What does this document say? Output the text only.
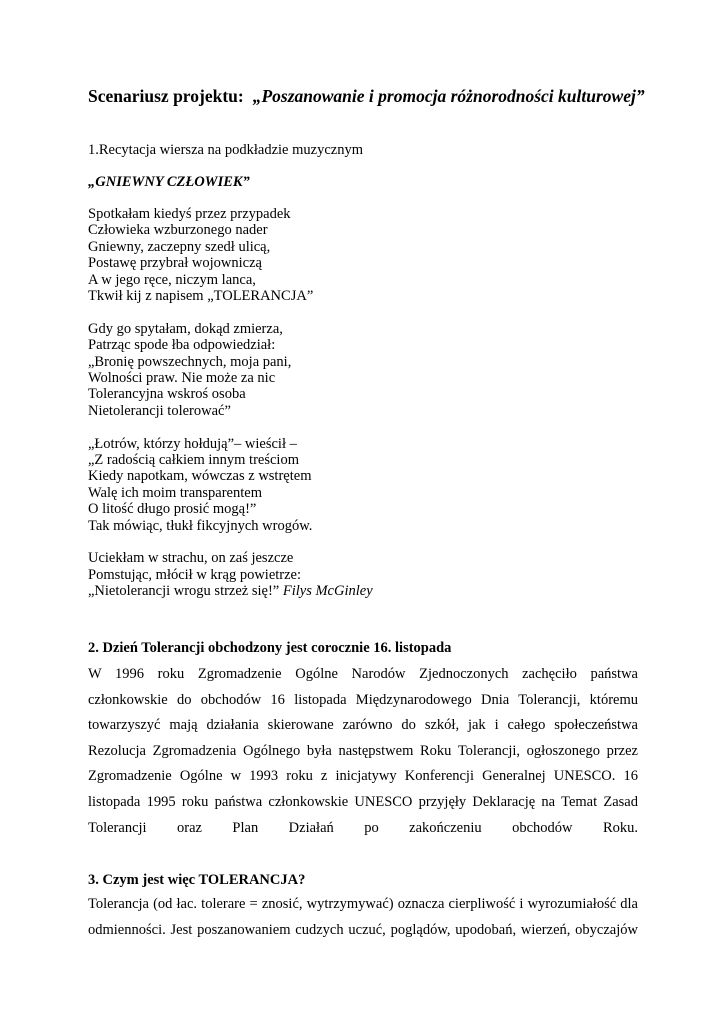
Scenariusz projektu: „Poszanowanie i promocja różnorodności kulturowej”
1.Recytacja wiersza na podkładzie muzycznym
„GNIEWNY CZŁOWIEK”
Spotkałam kiedyś przez przypadek
Człowieka wzburzonego nader
Gniewny, zaczepny szedł ulicą,
Postawę przybrał wojowniczą
A w jego ręce, niczym lanca,
Tkwił kij z napisem „TOLERANCJA”
Gdy go spytałam, dokąd zmierza,
Patrząc spode łba odpowiedział:
„Bronię powszechnych, moja pani,
Wolności praw. Nie może za nic
Tolerancyjna wskroś osoba
Nietolerancji tolerować”
„Łotrów, którzy hołdują”– wieścił –
„Z radością całkiem innym treściom
Kiedy napotkam, wówczas z wstrętem
Walę ich moim transparentem
O litość długo prosić mogą!”
Tak mówiąc, tłukł fikcyjnych wrogów.
Uciekłam w strachu, on zaś jeszcze
Pomstując, młócił w krąg powietrze:
„Nietolerancji wrogu strzeż się!” Filys McGinley
2. Dzień Tolerancji obchodzony jest corocznie 16. listopada
W 1996 roku Zgromadzenie Ogólne Narodów Zjednoczonych zachęciło państwa
członkowskie do obchodów 16 listopada Międzynarodowego Dnia Tolerancji, któremu
towarzyszyć mają działania skierowane zarówno do szkół, jak i całego społeczeństwa
Rezolucja Zgromadzenia Ogólnego była następstwem Roku Tolerancji, ogłoszonego przez
Zgromadzenie Ogólne w 1993 roku z inicjatywy Konferencji Generalnej UNESCO. 16
listopada 1995 roku państwa członkowskie UNESCO przyjęły Deklarację na Temat Zasad
Tolerancji oraz Plan Działań po zakończeniu obchodów Roku.
3. Czym jest więc TOLERANCJA?
Tolerancja (od łac. tolerare = znosić, wytrzymywać) oznacza cierpliwość i wyrozumiałość dla
odmienności. Jest poszanowaniem cudzych uczuć, poglądów, upodobań, wierzeń, obyczajów
